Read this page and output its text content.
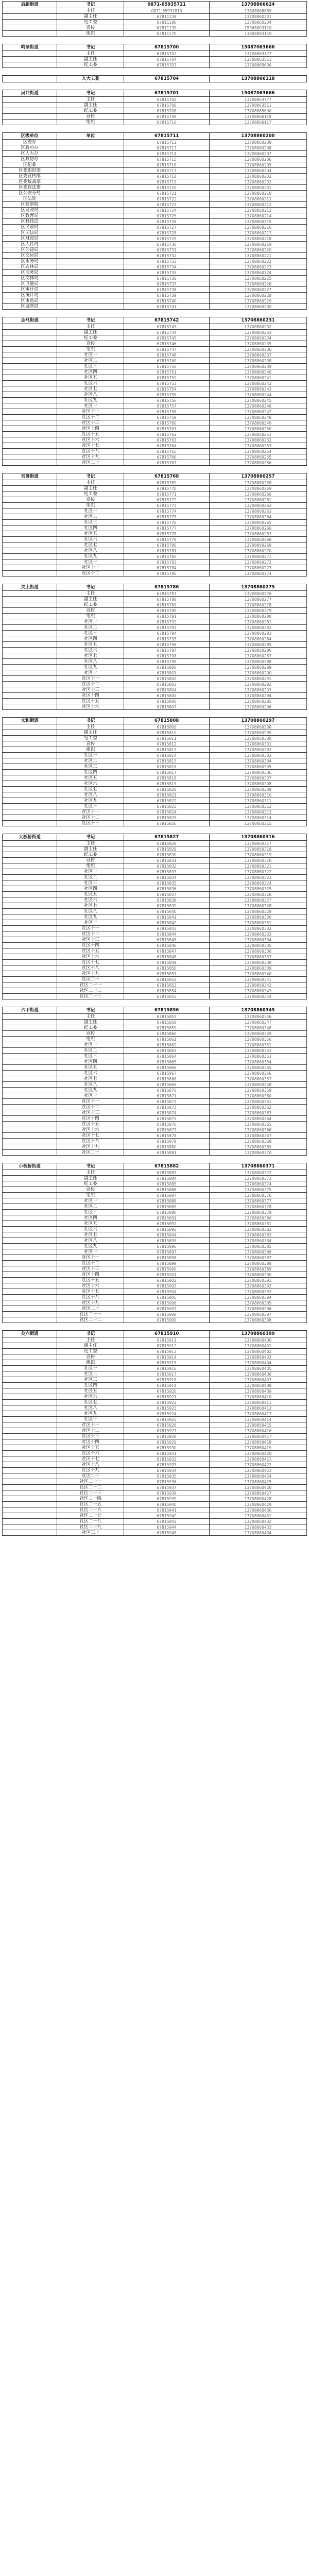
后新街道	书记	0871-65935721	13708866624
	主任	0871-65931810	13808868889
	副主任	67811138	13708860201
	纪工委	67811190	13708860204
	宣传	67811139	15368803110
	组织	67811170	13808883110
鸣翠街道	书记	67815700	15087063666
	主任	67815702	13708863777
	副主任	67815704	13708863511
	纪工委	67815703	13708865600
	人大工委	67815704	13708866118
吴井街道	书记	67815701	15087063666
	主任	67815702	13708863777
	副主任	67815706	13708863511
	纪工委	67815708	13708865600
	宣传	67815709	13708866118
	组织	67815710	13708866117
区级单位	单位	67815711	13708860200
区委办		67815712	13708860209
区政府办		67815713	13708860208
区人大办		67815714	13708860207
区政协办		67815715	13708860206
区纪委		67815716	13708860205
区委组织部		67815717	13708860204
区委宣传部		67815718	13708860203
区委统战部		67815719	13708860202
区委政法委		67815720	13708860201
区公安分局		67815721	13708860210
区法院		67815722	13708860211
区检察院		67815723	13708860212
区发改局		67815724	13708860213
区教育局		67815725	13708860214
区科技局		67815726	13708860215
区民政局		67815727	13708860216
区司法局		67815728	13708860217
区财政局		67815729	13708860218
区人社局		67815730	13708860219
区住建局		67815731	13708860220
区交运局		67815732	13708860221
区水务局		67815733	13708860222
区农林局		67815734	13708860223
区商务局		67815735	13708860224
区文体局		67815736	13708860225
区卫健局		67815737	13708860226
区审计局		67815738	13708860227
区统计局		67815739	13708860228
区市监局		67815740	13708860229
区城管局		67815741	13708860230
金马街道	书记	67815742	13708860231
	主任	67815743	13708860232
	副主任	67815744	13708860233
	纪工委	67815745	13708860234
	宣传	67815746	13708860235
	组织	67815747	13708860236
	社区一	67815748	13708860237
	社区二	67815749	13708860238
	社区三	67815750	13708860239
	社区四	67815751	13708860240
	社区五	67815752	13708860241
	社区六	67815753	13708860242
	社区七	67815754	13708860243
	社区八	67815755	13708860244
	社区九	67815756	13708860245
	社区十	67815757	13708860246
	社区十一	67815758	13708860247
	社区十二	67815759	13708860248
	社区十三	67815760	13708860249
	社区十四	67815761	13708860250
	社区十五	67815762	13708860251
	社区十六	67815763	13708860252
	社区十七	67815764	13708860253
	社区十八	67815765	13708860254
	社区十九	67815766	13708860255
	社区二十	67815767	13708860256
官渡街道	书记	67815768	13708860257
	主任	67815769	13708860258
	副主任	67815770	13708860259
	纪工委	67815771	13708860260
	宣传	67815772	13708860261
	组织	67815773	13708860262
	社区一	67815774	13708860263
	社区二	67815775	13708860264
	社区三	67815776	13708860265
	社区四	67815777	13708860266
	社区五	67815778	13708860267
	社区六	67815779	13708860268
	社区七	67815780	13708860269
	社区八	67815781	13708860270
	社区九	67815782	13708860271
	社区十	67815783	13708860272
	社区十一	67815784	13708860273
	社区十二	67815785	13708860274
关上街道	书记	67815786	13708860275
	主任	67815787	13708860276
	副主任	67815788	13708860277
	纪工委	67815789	13708860278
	宣传	67815790	13708860279
	组织	67815791	13708860280
	社区一	67815792	13708860281
	社区二	67815793	13708860282
	社区三	67815794	13708860283
	社区四	67815795	13708860284
	社区五	67815796	13708860285
	社区六	67815797	13708860286
	社区七	67815798	13708860287
	社区八	67815799	13708860288
	社区九	67815800	13708860289
	社区十	67815801	13708860290
	社区十一	67815802	13708860291
	社区十二	67815803	13708860292
	社区十三	67815804	13708860293
	社区十四	67815805	13708860294
	社区十五	67815806	13708860295
	社区十六	67815807	13708860296
太和街道	书记	67815808	13708860297
	主任	67815809	13708860298
	副主任	67815810	13708860299
	纪工委	67815811	13708860300
	宣传	67815812	13708860301
	组织	67815813	13708860302
	社区一	67815814	13708860303
	社区二	67815815	13708860304
	社区三	67815816	13708860305
	社区四	67815817	13708860306
	社区五	67815818	13708860307
	社区六	67815819	13708860308
	社区七	67815820	13708860309
	社区八	67815821	13708860310
	社区九	67815822	13708860311
	社区十	67815823	13708860312
	社区十一	67815824	13708860313
	社区十二	67815825	13708860314
	社区十三	67815826	13708860315
大板桥街道	书记	67815827	13708860316
	主任	67815828	13708860317
	副主任	67815829	13708860318
	纪工委	67815830	13708860319
	宣传	67815831	13708860320
	组织	67815832	13708860321
	社区一	67815833	13708860322
	社区二	67815834	13708860323
	社区三	67815835	13708860324
	社区四	67815836	13708860325
	社区五	67815837	13708860326
	社区六	67815838	13708860327
	社区七	67815839	13708860328
	社区八	67815840	13708860329
	社区九	67815841	13708860330
	社区十	67815842	13708860331
	社区十一	67815843	13708860332
	社区十二	67815844	13708860333
	社区十三	67815845	13708860334
	社区十四	67815846	13708860335
	社区十五	67815847	13708860336
	社区十六	67815848	13708860337
	社区十七	67815849	13708860338
	社区十八	67815850	13708860339
	社区十九	67815851	13708860340
	社区二十	67815852	13708860341
	社区二十一	67815853	13708860342
	社区二十二	67815854	13708860343
	社区二十三	67815855	13708860344
六甲街道	书记	67815856	13708860345
	主任	67815857	13708860346
	副主任	67815858	13708860347
	纪工委	67815859	13708860348
	宣传	67815860	13708860349
	组织	67815861	13708860350
	社区一	67815862	13708860351
	社区二	67815863	13708860352
	社区三	67815864	13708860353
	社区四	67815865	13708860354
	社区五	67815866	13708860355
	社区六	67815867	13708860356
	社区七	67815868	13708860357
	社区八	67815869	13708860358
	社区九	67815870	13708860359
	社区十	67815871	13708860360
	社区十一	67815872	13708860361
	社区十二	67815873	13708860362
	社区十三	67815874	13708860363
	社区十四	67815875	13708860364
	社区十五	67815876	13708860365
	社区十六	67815877	13708860366
	社区十七	67815878	13708860367
	社区十八	67815879	13708860368
	社区十九	67815880	13708860369
	社区二十	67815881	13708860370
小板桥街道	书记	67815882	13708860371
	主任	67815883	13708860372
	副主任	67815884	13708860373
	纪工委	67815885	13708860374
	宣传	67815886	13708860375
	组织	67815887	13708860376
	社区一	67815888	13708860377
	社区二	67815889	13708860378
	社区三	67815890	13708860379
	社区四	67815891	13708860380
	社区五	67815892	13708860381
	社区六	67815893	13708860382
	社区七	67815894	13708860383
	社区八	67815895	13708860384
	社区九	67815896	13708860385
	社区十	67815897	13708860386
	社区十一	67815898	13708860387
	社区十二	67815899	13708860388
	社区十三	67815900	13708860389
	社区十四	67815901	13708860390
	社区十五	67815902	13708860391
	社区十六	67815903	13708860392
	社区十七	67815904	13708860393
	社区十八	67815905	13708860394
	社区十九	67815906	13708860395
	社区二十	67815907	13708860396
	社区二十一	67815908	13708860397
	社区二十二	67815909	13708860398
矣六街道	书记	67815910	13708860399
	主任	67815911	13708860400
	副主任	67815912	13708860401
	纪工委	67815913	13708860402
	宣传	67815914	13708860403
	组织	67815915	13708860404
	社区一	67815916	13708860405
	社区二	67815917	13708860406
	社区三	67815918	13708860407
	社区四	67815919	13708860408
	社区五	67815920	13708860409
	社区六	67815921	13708860410
	社区七	67815922	13708860411
	社区八	67815923	13708860412
	社区九	67815924	13708860413
	社区十	67815925	13708860414
	社区十一	67815926	13708860415
	社区十二	67815927	13708860416
	社区十三	67815928	13708860417
	社区十四	67815929	13708860418
	社区十五	67815930	13708860419
	社区十六	67815931	13708860420
	社区十七	67815932	13708860421
	社区十八	67815933	13708860422
	社区十九	67815934	13708860423
	社区二十	67815935	13708860424
	社区二十一	67815936	13708860425
	社区二十二	67815937	13708860426
	社区二十三	67815938	13708860427
	社区二十四	67815939	13708860428
	社区二十五	67815940	13708860429
	社区二十六	67815941	13708860430
	社区二十七	67815942	13708860431
	社区二十八	67815943	13708860432
	社区二十九	67815944	13708860433
	社区三十	67815945	13708860434
